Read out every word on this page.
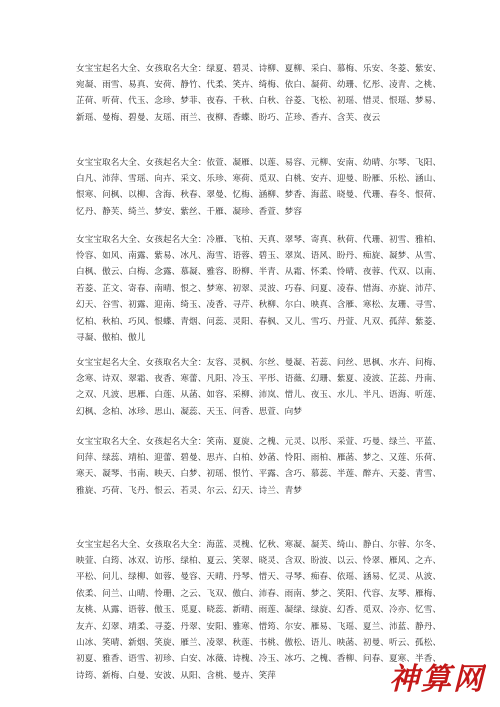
女宝宝起名大全、女孩取名大全：绿夏、碧灵、诗柳、夏柳、采白、慕梅、乐安、冬菱、紫安、宛凝、雨雪、易真、安荷、静竹、代柔、笑卉、绮梅、依白、凝荷、幼珊、忆彤、凌青、之桃、芷荷、听荷、代玉、念珍、梦菲、夜春、千秋、白秋、谷菱、飞松、初瑶、惜灵、恨瑶、梦易、新瑶、曼梅、碧曼、友瑶、雨兰、夜柳、香蝶、盼巧、芷珍、香卉、含芙、夜云

女宝宝取名大全、女孩起名大全：依萱、凝雁、以莲、易容、元柳、安南、幼晴、尔琴、飞阳、白凡、沛萍、雪瑶、向卉、采文、乐珍、寒荷、觅双、白桃、安卉、迎曼、盼雁、乐松、涵山、恨寒、问枫、以柳、含海、秋春、翠曼、忆梅、涵柳、梦香、海蓝、晓曼、代珊、春冬、恨荷、忆丹、静芙、绮兰、梦安、紫丝、千雁、凝珍、香萱、梦容

女宝宝取名大全、女孩起名大全：冷雁、飞柏、天真、翠琴、寄真、秋荷、代珊、初雪、雅柏、怜容、如风、南露、紫易、冰凡、海雪、语蓉、碧玉、翠岚、语风、盼丹、痴旋、凝梦、从雪、白枫、傲云、白梅、念露、慕凝、雅容、盼柳、半青、从霜、怀柔、怜晴、夜蓉、代双、以南、若菱、芷文、寄春、南晴、恨之、梦寒、初翠、灵波、巧春、问夏、凌春、惜海、亦旋、沛芹、幻天、谷雪、初露、迎南、绮玉、凌香、寻芹、秋柳、尔白、映真、含雁、寒松、友珊、寻雪、忆柏、秋柏、巧风、恨蝶、青烟、问蕊、灵阳、春枫、又儿、雪巧、丹萱、凡双、孤萍、紫菱、寻凝、傲柏、傲儿

女宝宝起名大全、女孩取名大全：友容、灵枫、尔丝、曼凝、若蕊、问丝、思枫、水卉、问梅、念寒、诗双、翠霜、夜香、寒蕾、凡阳、冷玉、平彤、语薇、幻珊、紫夏、凌波、芷蕊、丹南、之双、凡波、思雁、白莲、从菡、如容、采柳、沛岚、惜儿、夜玉、水儿、半凡、语海、听莲、幻枫、念柏、冰珍、思山、凝蕊、天玉、问香、思萱、向梦

女宝宝取名大全、女孩起名大全：笑南、夏旋、之槐、元灵、以彤、采萱、巧曼、绿兰、平蓝、问萍、绿蕊、靖柏、迎蕾、碧曼、思卉、白柏、妙菡、怜阳、雨柏、雁菡、梦之、又莲、乐荷、寒天、凝琴、书南、映天、白梦、初瑶、恨竹、平露、含巧、慕蕊、半莲、醉卉、天菱、青雪、雅旋、巧荷、飞丹、恨云、若灵、尔云、幻天、诗兰、青梦

女宝宝起名大全、女孩取名大全：海蓝、灵槐、忆秋、寒凝、凝芙、绮山、静白、尔蓉、尔冬、映萱、白筠、冰双、访彤、绿柏、夏云、笑翠、晓灵、含双、盼波、以云、怜翠、雁风、之卉、平松、问儿、绿柳、如蓉、曼容、天晴、丹琴、惜天、寻琴、痴春、依瑶、涵易、忆灵、从波、依柔、问兰、山晴、怜珊、之云、飞双、傲白、沛春、雨南、梦之、笑阳、代容、友琴、雁梅、友桃、从露、语蓉、傲玉、觅夏、晓蕊、新晴、雨莲、凝绿、绿旋、幻香、觅双、冷亦、忆雪、友卉、幻翠、靖柔、寻菱、丹翠、安阳、雅寒、惜筠、尔安、雁易、飞瑶、夏兰、沛蓝、静丹、山冰、笑晴、新烟、笑旋、雁兰、凌翠、秋莲、书桃、傲松、语儿、映菡、初曼、听云、孤松、初夏、雅香、语雪、初珍、白安、冰薇、诗槐、冷玉、冰巧、之槐、香柳、问春、夏寒、半香、诗筠、新梅、白曼、安波、从阳、含桃、曼卉、笑萍	神算网
